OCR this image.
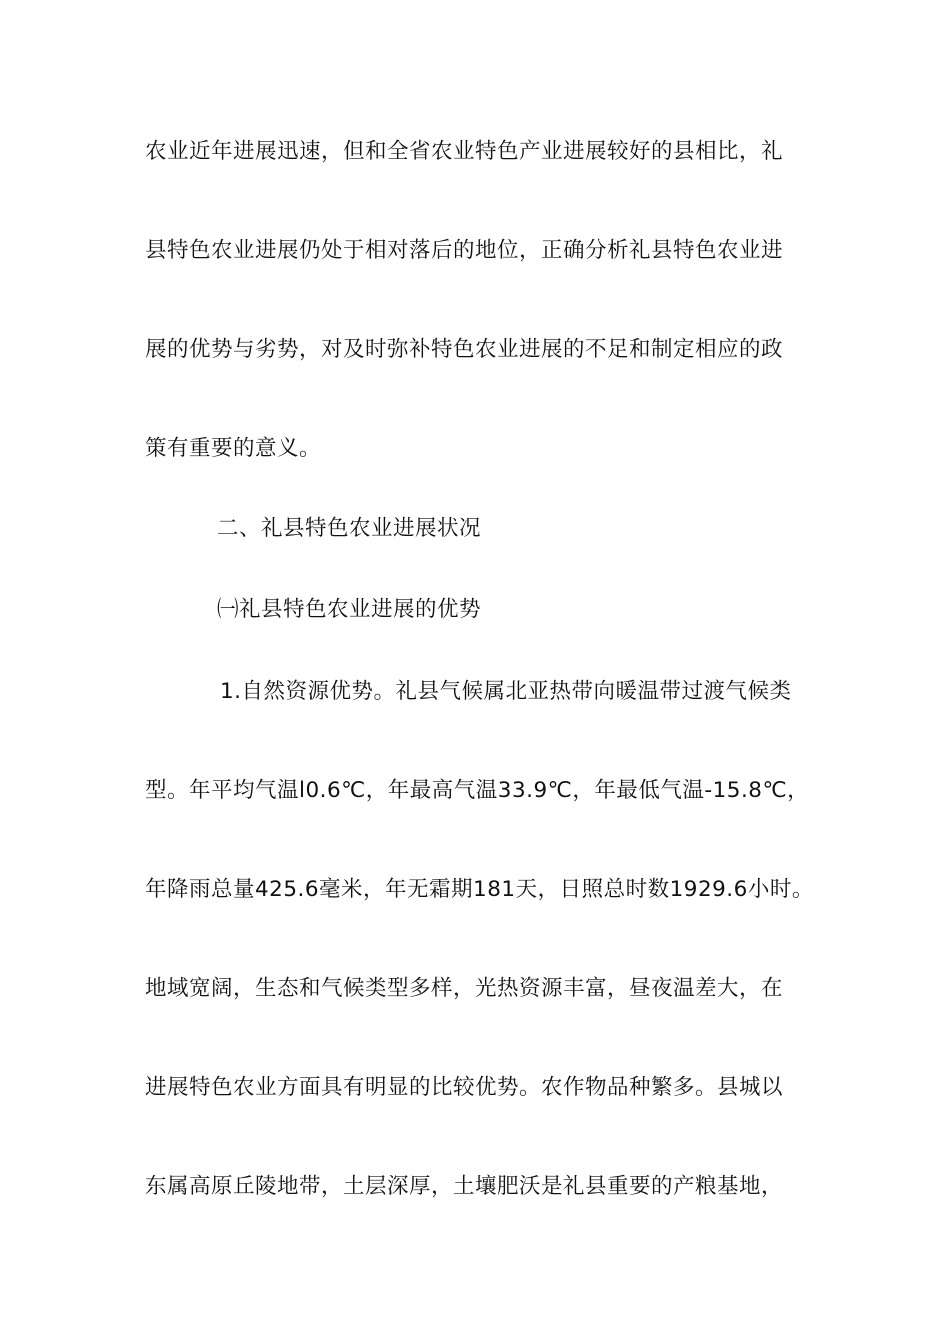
农业近年进展迅速，但和全省农业特色产业进展较好的县相比，礼
县特色农业进展仍处于相对落后的地位，正确分析礼县特色农业进
展的优势与劣势，对及时弥补特色农业进展的不足和制定相应的政
策有重要的意义。
二、礼县特色农业进展状况
㈠礼县特色农业进展的优势
1.自然资源优势。礼县气候属北亚热带向暖温带过渡气候类
型。年平均气温l0.6℃，年最高气温33.9℃，年最低气温-15.8℃，
年降雨总量425.6毫米，年无霜期181天，日照总时数1929.6小时。
地域宽阔，生态和气候类型多样，光热资源丰富，昼夜温差大，在
进展特色农业方面具有明显的比较优势。农作物品种繁多。县城以
东属高原丘陵地带，土层深厚，土壤肥沃是礼县重要的产粮基地，
